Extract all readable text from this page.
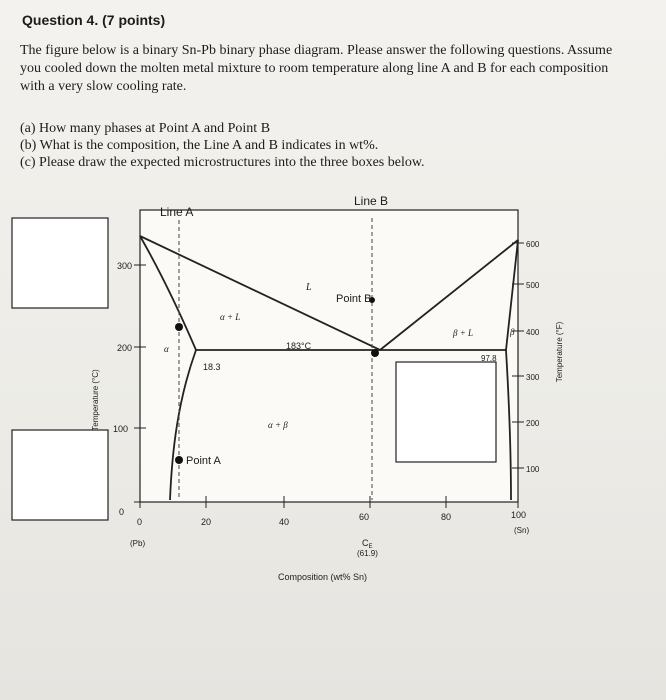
Question 4. (7 points)

The figure below is a binary Sn-Pb binary phase diagram. Please answer the following questions. Assume

you cooled down the molten metal mixture to room temperature along line A and B for each composition

with a very slow cooling rate.

(a) How many phases at Point A and Point B

(b) What is the composition, the Line A and B indicates in wt%.

(c) Please draw the expected microstructures into the three boxes below.

Line A
Line B
Point A
Point B
300
200
100
0
600
500
400
300
200
100
0	20	40	60	80	100
(Pb)
(Sn)
Composition (wt% Sn)
$C_E$
(61.9)
183°C
18.3
97.8
L
α
β
α + L
β + L
α + β
Temperature (°C)
Temperature (°F)
